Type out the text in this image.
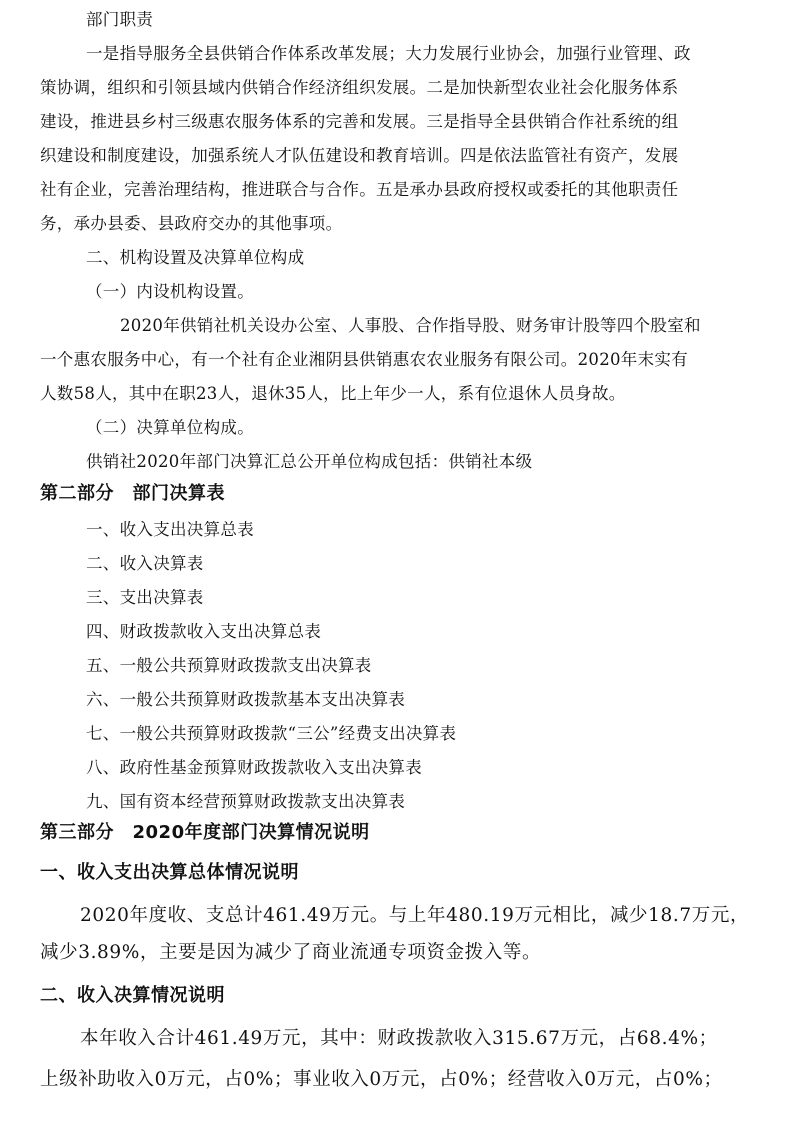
部门职责
一是指导服务全县供销合作体系改革发展；大力发展行业协会，加强行业管理、政
策协调，组织和引领县域内供销合作经济组织发展。二是加快新型农业社会化服务体系
建设，推进县乡村三级惠农服务体系的完善和发展。三是指导全县供销合作社系统的组
织建设和制度建设，加强系统人才队伍建设和教育培训。四是依法监管社有资产，发展
社有企业，完善治理结构，推进联合与合作。五是承办县政府授权或委托的其他职责任
务，承办县委、县政府交办的其他事项。
二、机构设置及决算单位构成
（一）内设机构设置。
2020年供销社机关设办公室、人事股、合作指导股、财务审计股等四个股室和
一个惠农服务中心，有一个社有企业湘阴县供销惠农农业服务有限公司。2020年末实有
人数58人，其中在职23人，退休35人，比上年少一人，系有位退休人员身故。
（二）决算单位构成。
供销社2020年部门决算汇总公开单位构成包括：供销社本级
第二部分　部门决算表
一、收入支出决算总表
二、收入决算表
三、支出决算表
四、财政拨款收入支出决算总表
五、一般公共预算财政拨款支出决算表
六、一般公共预算财政拨款基本支出决算表
七、一般公共预算财政拨款“三公”经费支出决算表
八、政府性基金预算财政拨款收入支出决算表
九、国有资本经营预算财政拨款支出决算表
第三部分　2020年度部门决算情况说明
一、收入支出决算总体情况说明
2020年度收、支总计461.49万元。与上年480.19万元相比，减少18.7万元，
减少3.89%，主要是因为减少了商业流通专项资金拨入等。
二、收入决算情况说明
本年收入合计461.49万元，其中：财政拨款收入315.67万元，占68.4%；
上级补助收入0万元，占0%；事业收入0万元，占0%；经营收入0万元，占0%；
